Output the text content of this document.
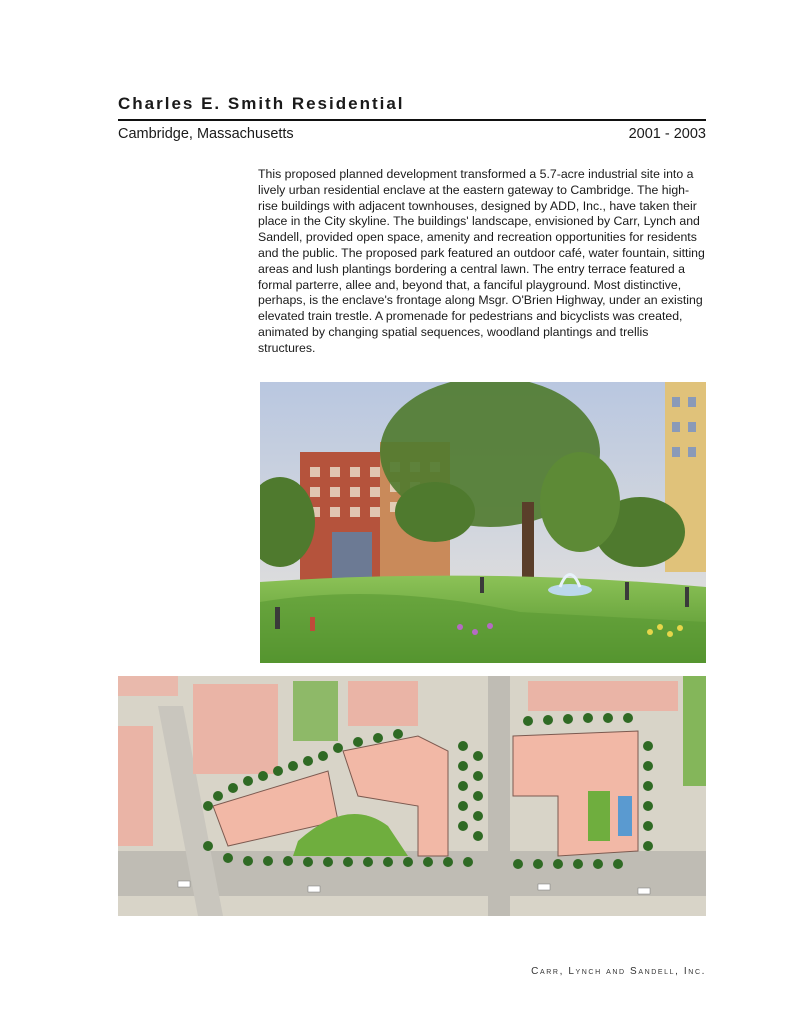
Charles E. Smith Residential
Cambridge, Massachusetts	2001 - 2003
This proposed planned development transformed a 5.7-acre industrial site into a lively urban residential enclave at the eastern gateway to Cambridge. The high-rise buildings with adjacent townhouses, designed by ADD, Inc., have taken their place in the City skyline. The buildings' landscape, envisioned by Carr, Lynch and Sandell, provided open space, amenity and recreation opportunities for residents and the public. The proposed park featured an outdoor café, water fountain, sitting areas and lush plantings bordering a central lawn. The entry terrace featured a formal parterre, allee and, beyond that, a fanciful playground. Most distinctive, perhaps, is the enclave's frontage along Msgr. O'Brien Highway, under an existing elevated train trestle. A promenade for pedestrians and bicyclists was created, animated by changing spatial sequences, woodland plantings and trellis structures.
Carr, Lynch and Sandell, Inc.
